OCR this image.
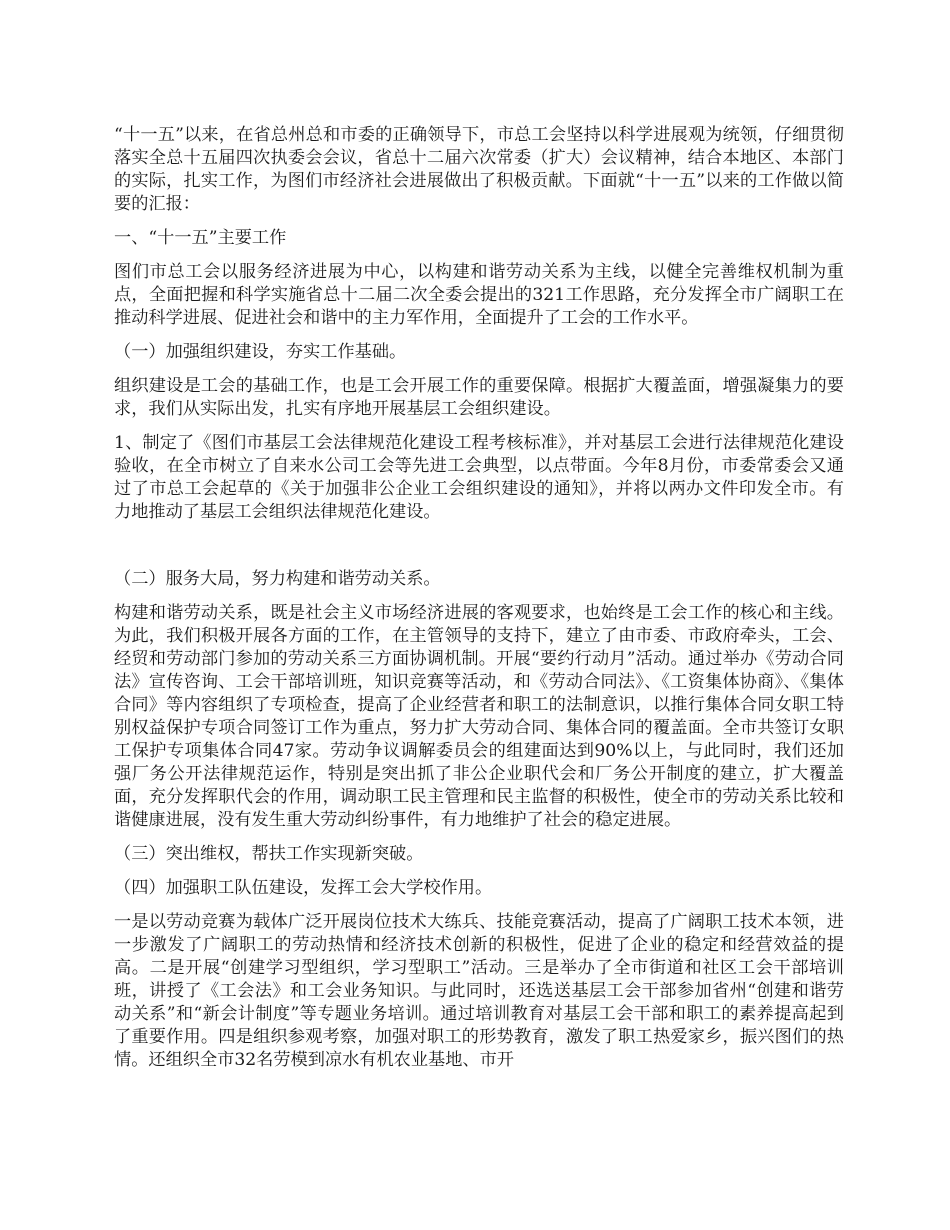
“十一五”以来，在省总州总和市委的正确领导下，市总工会坚持以科学进展观为统领，仔细贯彻落实全总十五届四次执委会会议，省总十二届六次常委（扩大）会议精神，结合本地区、本部门的实际，扎实工作，为图们市经济社会进展做出了积极贡献。下面就“十一五”以来的工作做以简要的汇报：

一、“十一五”主要工作

图们市总工会以服务经济进展为中心，以构建和谐劳动关系为主线，以健全完善维权机制为重点，全面把握和科学实施省总十二届二次全委会提出的321工作思路，充分发挥全市广阔职工在推动科学进展、促进社会和谐中的主力军作用，全面提升了工会的工作水平。

（一）加强组织建设，夯实工作基础。

组织建设是工会的基础工作，也是工会开展工作的重要保障。根据扩大覆盖面，增强凝集力的要求，我们从实际出发，扎实有序地开展基层工会组织建设。

1、制定了《图们市基层工会法律规范化建设工程考核标准》，并对基层工会进行法律规范化建设验收，在全市树立了自来水公司工会等先进工会典型，以点带面。今年8月份，市委常委会又通过了市总工会起草的《关于加强非公企业工会组织建设的通知》，并将以两办文件印发全市。有力地推动了基层工会组织法律规范化建设。

（二）服务大局，努力构建和谐劳动关系。

构建和谐劳动关系，既是社会主义市场经济进展的客观要求，也始终是工会工作的核心和主线。为此，我们积极开展各方面的工作，在主管领导的支持下，建立了由市委、市政府牵头，工会、经贸和劳动部门参加的劳动关系三方面协调机制。开展“要约行动月”活动。通过举办《劳动合同法》宣传咨询、工会干部培训班，知识竞赛等活动，和《劳动合同法》、《工资集体协商》、《集体合同》等内容组织了专项检查，提高了企业经营者和职工的法制意识，以推行集体合同女职工特别权益保护专项合同签订工作为重点，努力扩大劳动合同、集体合同的覆盖面。全市共签订女职工保护专项集体合同47家。劳动争议调解委员会的组建面达到90%以上，与此同时，我们还加强厂务公开法律规范运作，特别是突出抓了非公企业职代会和厂务公开制度的建立，扩大覆盖面，充分发挥职代会的作用，调动职工民主管理和民主监督的积极性，使全市的劳动关系比较和谐健康进展，没有发生重大劳动纠纷事件，有力地维护了社会的稳定进展。

（三）突出维权，帮扶工作实现新突破。

（四）加强职工队伍建设，发挥工会大学校作用。

一是以劳动竞赛为载体广泛开展岗位技术大练兵、技能竞赛活动，提高了广阔职工技术本领，进一步激发了广阔职工的劳动热情和经济技术创新的积极性，促进了企业的稳定和经营效益的提高。二是开展“创建学习型组织，学习型职工”活动。三是举办了全市街道和社区工会干部培训班，讲授了《工会法》和工会业务知识。与此同时，还选送基层工会干部参加省州“创建和谐劳动关系”和“新会计制度”等专题业务培训。通过培训教育对基层工会干部和职工的素养提高起到了重要作用。四是组织参观考察，加强对职工的形势教育，激发了职工热爱家乡，振兴图们的热情。还组织全市32名劳模到凉水有机农业基地、市开
